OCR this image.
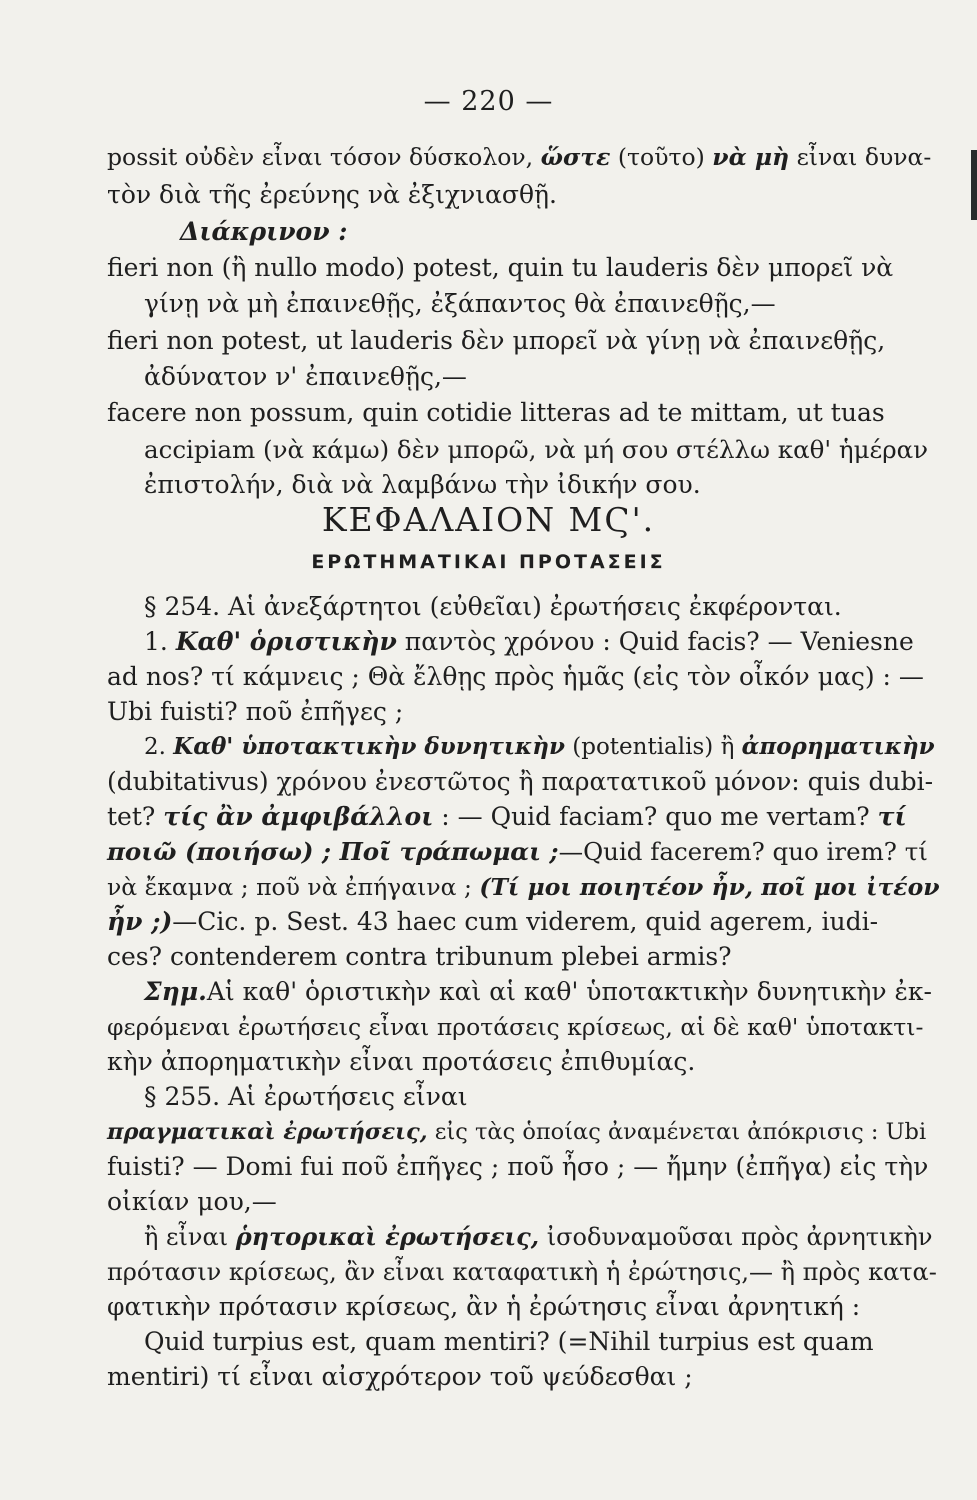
— 220 —
possit οὐδὲν εἶναι τόσον δύσκολον, ὥστε (τοῦτο) νὰ μὴ εἶναι δυνα-
τὸν διὰ τῆς ἐρεύνης νὰ ἐξιχνιασθῇ.
Διάκρινον :
fieri non (ἢ nullo modo) potest, quin tu lauderis δὲν μπορεῖ νὰ
γίνῃ νὰ μὴ ἐπαινεθῇς, ἐξάπαντος θὰ ἐπαινεθῇς,—
fieri non potest, ut lauderis δὲν μπορεῖ νὰ γίνῃ νὰ ἐπαινεθῇς,
ἀδύνατον ν' ἐπαινεθῇς,—
facere non possum, quin cotidie litteras ad te mittam, ut tuas
accipiam (νὰ κάμω) δὲν μπορῶ, νὰ μή σου στέλλω καθ' ἡμέραν
ἐπιστολήν, διὰ νὰ λαμβάνω τὴν ἰδικήν σου.
ΚΕΦΑΛΑΙΟΝ ΜϚ'.
ΕΡΩΤΗΜΑΤΙΚΑΙ ΠΡΟΤΑΣΕΙΣ
§ 254. Αἱ ἀνεξάρτητοι (εὐθεῖαι) ἐρωτήσεις ἐκφέρονται.
1. Καθ' ὁριστικὴν παντὸς χρόνου : Quid facis? — Veniesne
ad nos? τί κάμνεις ; Θὰ ἔλθῃς πρὸς ἡμᾶς (εἰς τὸν οἶκόν μας) : —
Ubi fuisti? ποῦ ἐπῆγες ;
2. Καθ' ὑποτακτικὴν δυνητικὴν (potentialis) ἢ ἀπορηματικὴν
(dubitativus) χρόνου ἐνεστῶτος ἢ παρατατικοῦ μόνον: quis dubi-
tet? τίς ἂν ἀμφιβάλλοι : — Quid faciam? quo me vertam? τί
ποιῶ (ποιήσω) ; Ποῖ τράπωμαι ;—Quid facerem? quo irem? τί
νὰ ἔκαμνα ; ποῦ νὰ ἐπήγαινα ; (Τί μοι ποιητέον ἦν, ποῖ μοι ἰτέον
ἦν ;)—Cic. p. Sest. 43 haec cum viderem, quid agerem, iudi-
ces? contenderem contra tribunum plebei armis?
Σημ.Αἱ καθ' ὁριστικὴν καὶ αἱ καθ' ὑποτακτικὴν δυνητικὴν ἐκ-
φερόμεναι ἐρωτήσεις εἶναι προτάσεις κρίσεως, αἱ δὲ καθ' ὑποτακτι-
κὴν ἀπορηματικὴν εἶναι προτάσεις ἐπιθυμίας.
§ 255. Αἱ ἐρωτήσεις εἶναι
πραγματικαὶ ἐρωτήσεις, εἰς τὰς ὁποίας ἀναμένεται ἀπόκρισις : Ubi
fuisti? — Domi fui ποῦ ἐπῆγες ; ποῦ ἦσο ; — ἤμην (ἐπῆγα) εἰς τὴν
οἰκίαν μου,—
ἢ εἶναι ῥητορικαὶ ἐρωτήσεις, ἰσοδυναμοῦσαι πρὸς ἀρνητικὴν
πρότασιν κρίσεως, ἂν εἶναι καταφατικὴ ἡ ἐρώτησις,— ἢ πρὸς κατα-
φατικὴν πρότασιν κρίσεως, ἂν ἡ ἐρώτησις εἶναι ἀρνητική :
Quid turpius est, quam mentiri? (=Nihil turpius est quam
mentiri) τί εἶναι αἰσχρότερον τοῦ ψεύδεσθαι ;
